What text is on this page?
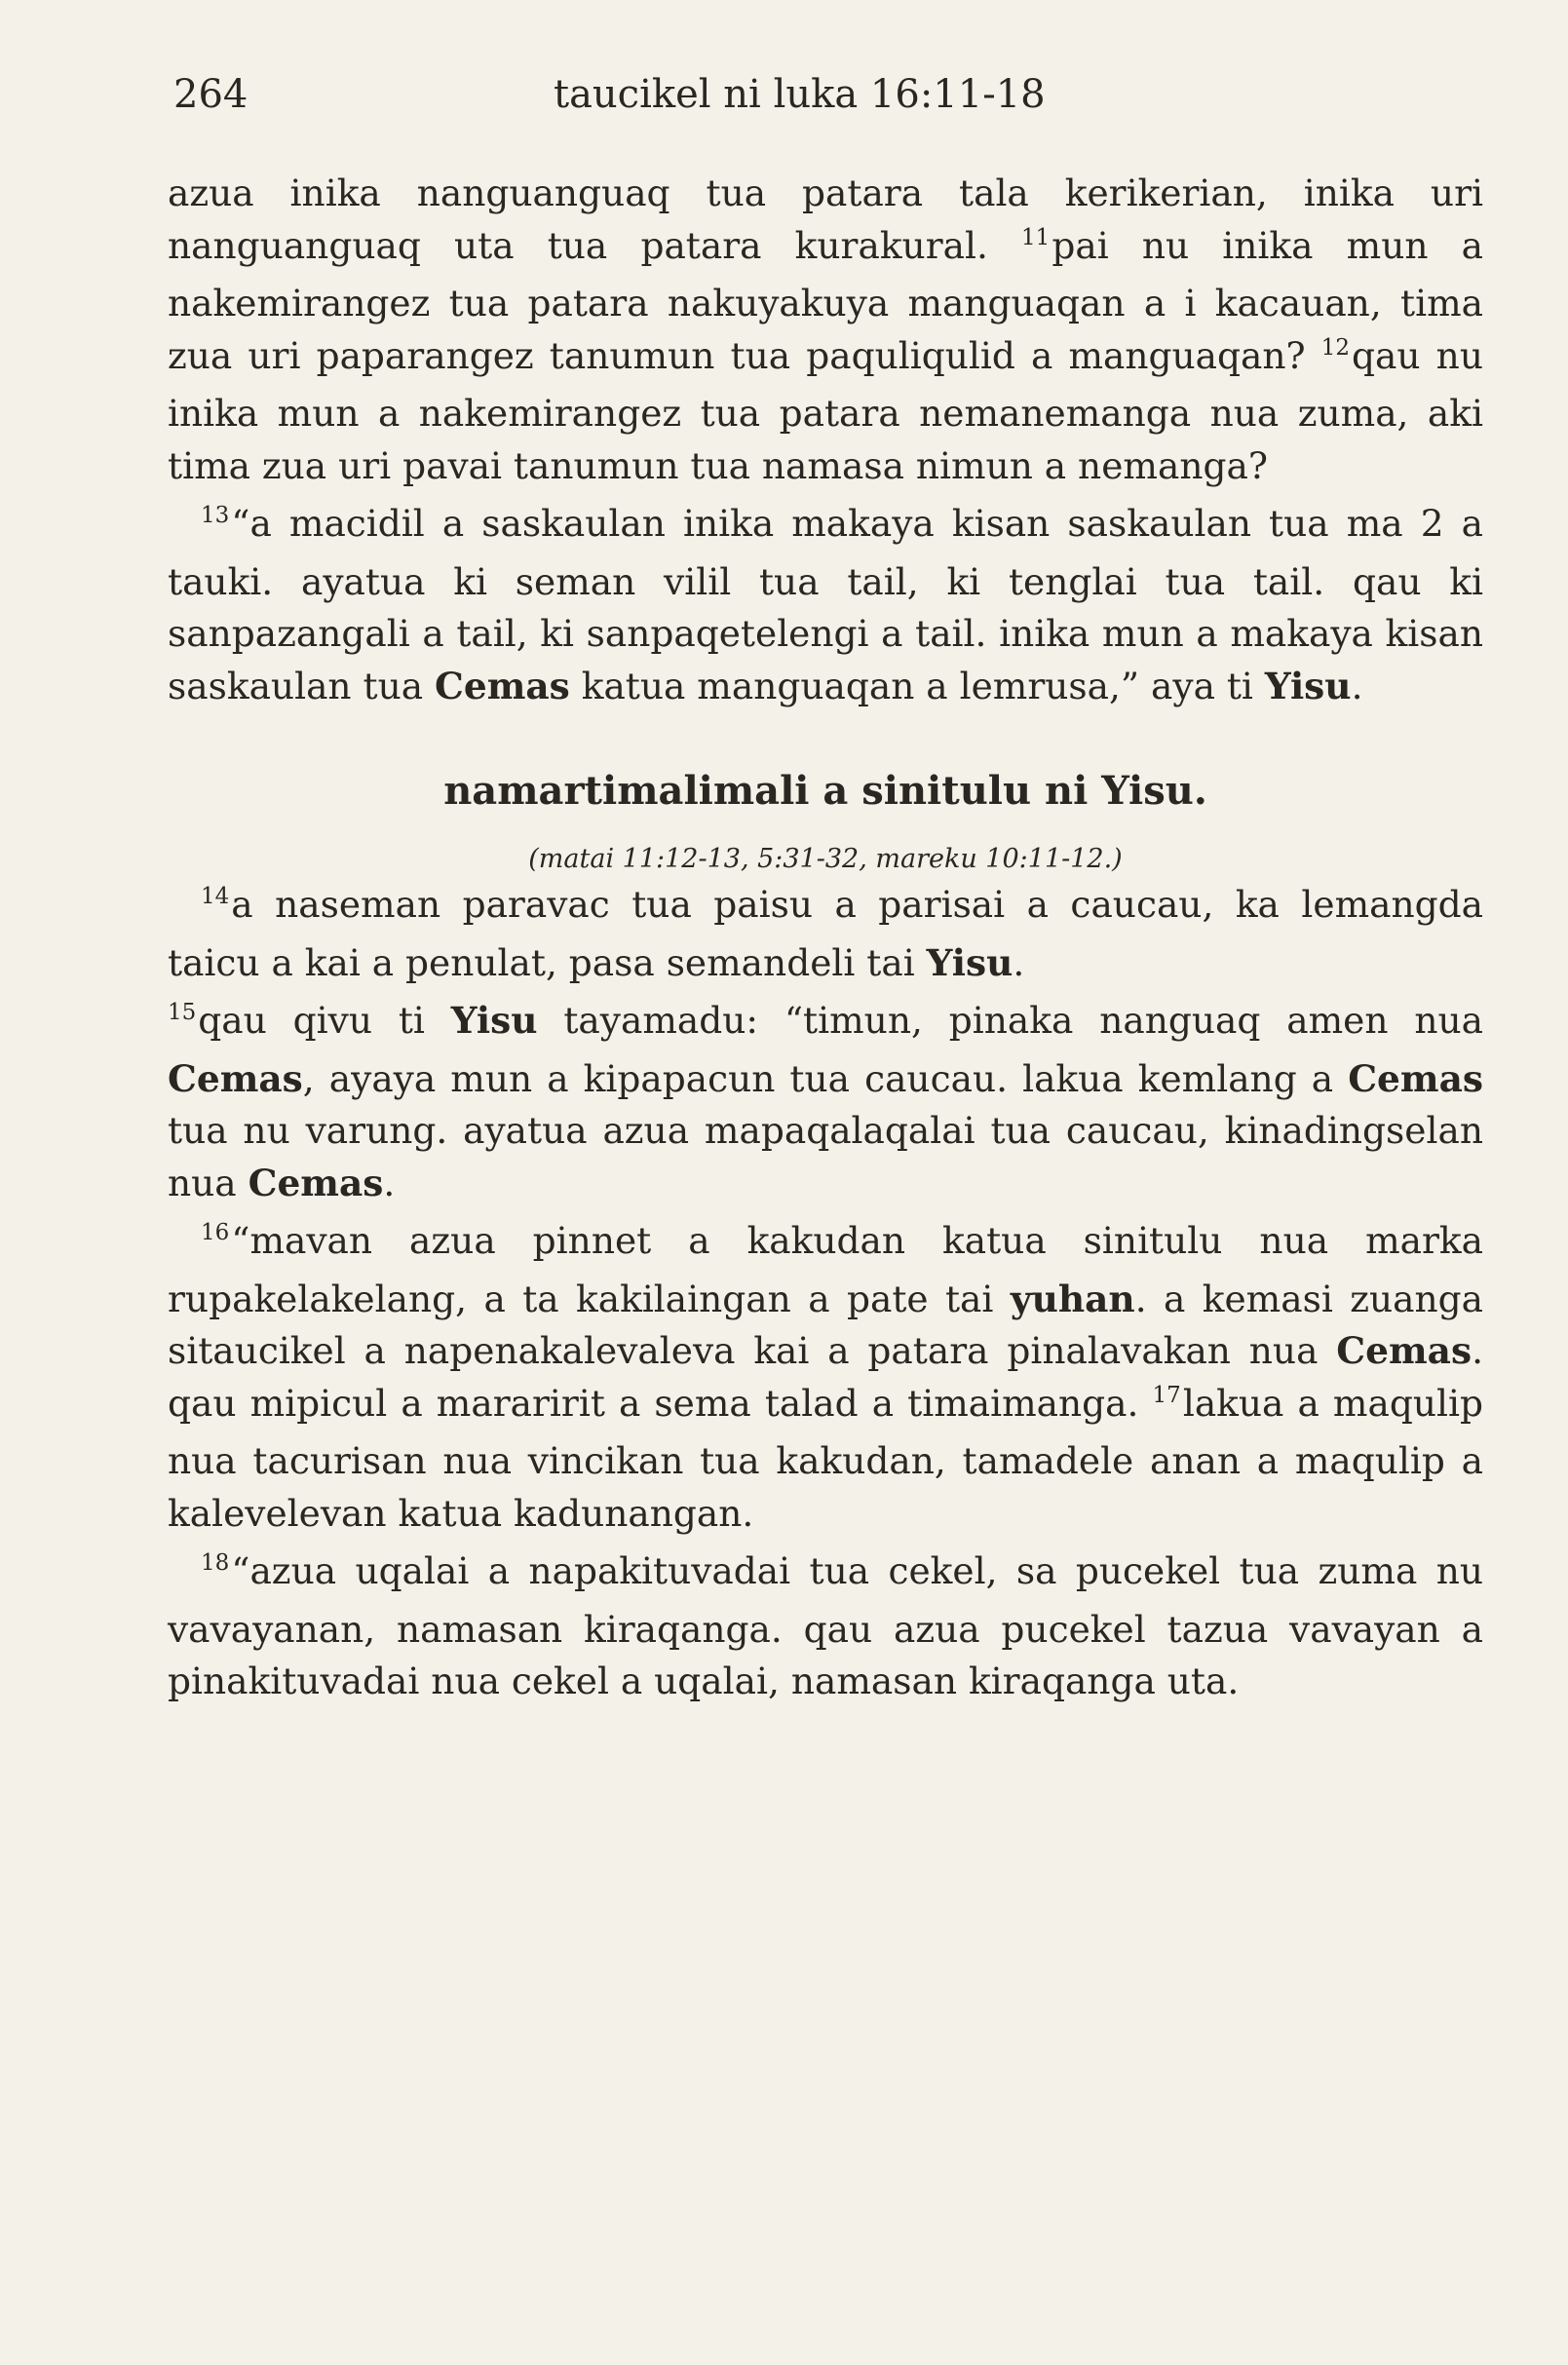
264	taucikel ni luka 16:11-18

azua inika nanguanguaq tua patara tala kerikerian, inika uri nanguanguaq uta tua patara kurakural. $^{11}$pai nu inika mun a nakemirangez tua patara nakuyakuya manguaqan a i kacauan, tima zua uri paparangez tanumun tua paquliqulid a manguaqan? $^{12}$qau nu inika mun a nakemirangez tua patara nemanemanga nua zuma, aki tima zua uri pavai tanumun tua namasa nimun a nemanga?

$^{13}$“a macidil a saskaulan inika makaya kisan saskaulan tua ma 2 a tauki. ayatua ki seman vilil tua tail, ki tenglai tua tail. qau ki sanpazangali a tail, ki sanpaqetelengi a tail. inika mun a makaya kisan saskaulan tua Cemas katua manguaqan a lemrusa,” aya ti Yisu.

namartimalimali a sinitulu ni Yisu.
(matai 11:12-13, 5:31-32, mareku 10:11-12.)

$^{14}$a naseman paravac tua paisu a parisai a caucau, ka lemangda taicu a kai a penulat, pasa semandeli tai Yisu.

$^{15}$qau qivu ti Yisu tayamadu: “timun, pinaka nanguaq amen nua Cemas, ayaya mun a kipapacun tua caucau. lakua kemlang a Cemas tua nu varung. ayatua azua mapaqalaqalai tua caucau, kinadingselan nua Cemas.

$^{16}$“mavan azua pinnet a kakudan katua sinitulu nua marka rupakelakelang, a ta kakilaingan a pate tai yuhan. a kemasi zuanga sitaucikel a napenakalevaleva kai a patara pinalavakan nua Cemas. qau mipicul a mararirit a sema talad a timaimanga. $^{17}$lakua a maqulip nua tacurisan nua vincikan tua kakudan, tamadele anan a maqulip a kalevelevan katua kadunangan.

$^{18}$“azua uqalai a napakituvadai tua cekel, sa pucekel tua zuma nu vavayanan, namasan kiraqanga. qau azua pucekel tazua vavayan a pinakituvadai nua cekel a uqalai, namasan kiraqanga uta.
